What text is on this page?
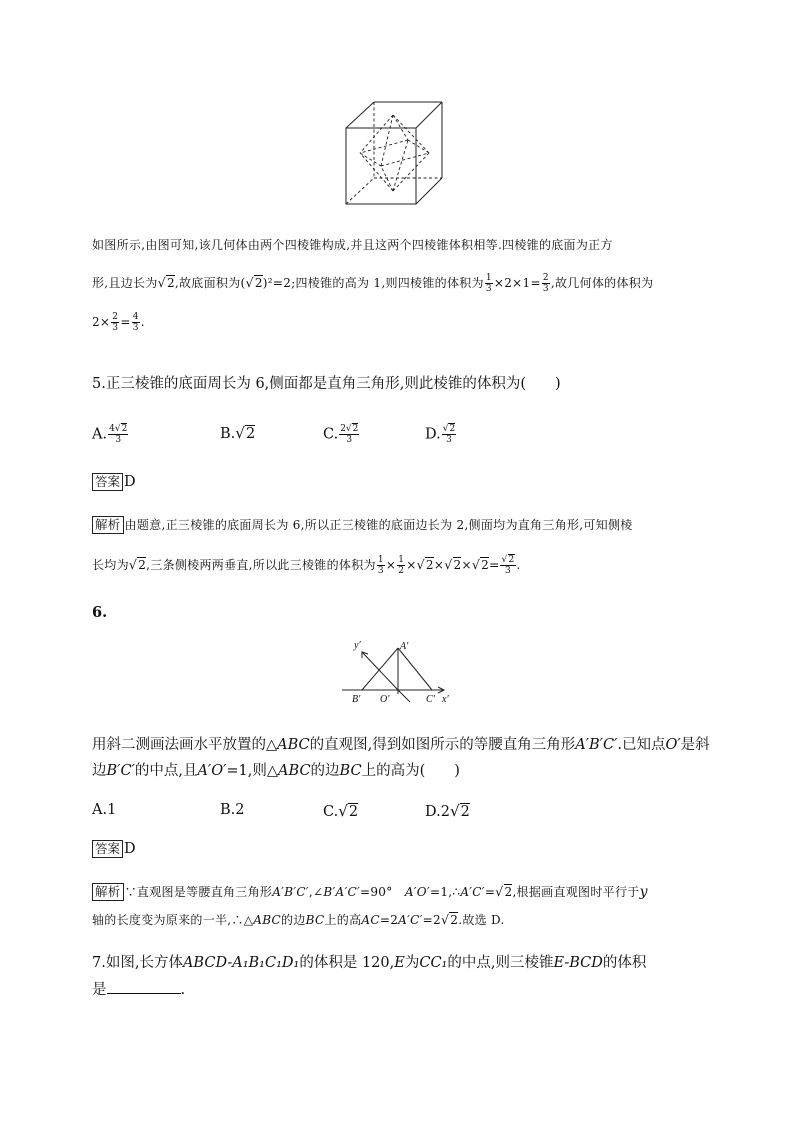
如图所示,由图可知,该几何体由两个四棱锥构成,并且这两个四棱锥体积相等.四棱锥的底面为正方
形,且边长为√2,故底面积为(√2)²=2;四棱锥的高为 1,则四棱锥的体积为 $\frac{1}{3} \times 2\times 1= \frac{2}{3}$ ,故几何体的体积为
$2\times \frac{2}{3} = \frac{4}{3}$ .
5.正三棱锥的底面周长为 6,侧面都是直角三角形,则此棱锥的体积为(　　)
A. $\frac{4√2}{3}$	B.√2	C. $\frac{2√2}{3}$	D. $\frac{√2}{3}$
答案 D
解析 由题意,正三棱锥的底面周长为 6,所以正三棱锥的底面边长为 2,侧面均为直角三角形,可知侧棱
长均为√2,三条侧棱两两垂直,所以此三棱锥的体积为 $\frac{1}{3} \times \frac{1}{2} \times√2\times√2\times√2= \frac{√2}{3}$ .
6.
y′	A′
B′ O′	C′ x′
用斜二测画法画水平放置的△ABC的直观图,得到如图所示的等腰直角三角形A′B′C′.已知点O′是斜
边B′C′的中点,且A′O′=1,则△ABC的边BC上的高为(　　)
A.1	B.2	C.√2	D.2√2
答案 D
解析 ∵直观图是等腰直角三角形A′B′C′,∠B′A′C′=90°　A′O′=1,∴A′C′=√2,根据画直观图时平行于y
轴的长度变为原来的一半,∴△ABC的边BC上的高AC=2A′C′=2√2.故选 D.
7.如图,长方体ABCD-A₁B₁C₁D₁的体积是 120,E为CC₁的中点,则三棱锥E-BCD的体积
是	.
